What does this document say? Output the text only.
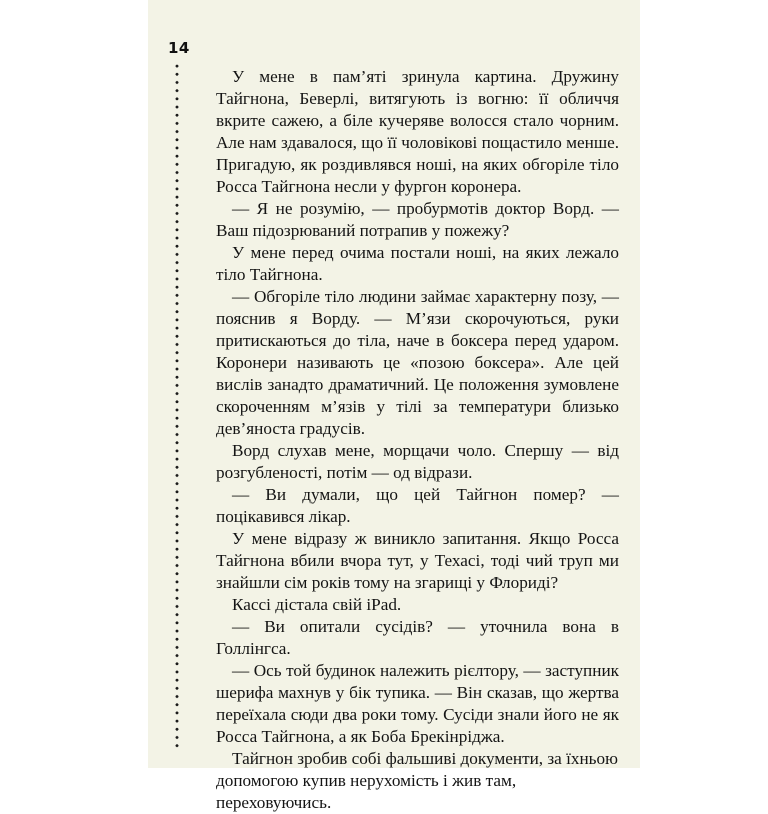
14

У мене в пам’яті зринула картина. Дружину Тайгнона, Беверлі, витягують із вогню: її обличчя вкрите сажею, а біле кучеряве волосся стало чорним. Але нам здавалося, що її чоловікові пощастило менше. Пригадую, як роздивлявся ноші, на яких обгоріле тіло Росса Тайгнона несли у фургон коронера.

— Я не розумію, — пробурмотів доктор Ворд. — Ваш підозрюваний потрапив у пожежу?

У мене перед очима постали ноші, на яких лежало тіло Тайгнона.

— Обгоріле тіло людини займає характерну позу, — пояснив я Ворду. — М’язи скорочуються, руки притискаються до тіла, наче в боксера перед ударом. Коронери називають це «позою боксера». Але цей вислів занадто драматичний. Це положення зумовлене скороченням м’язів у тілі за температури близько дев’яноста градусів.

Ворд слухав мене, морщачи чоло. Спершу — від розгубленості, потім — од відрази.

— Ви думали, що цей Тайгнон помер? — поцікавився лікар.

У мене відразу ж виникло запитання. Якщо Росса Тайгнона вбили вчора тут, у Техасі, тоді чий труп ми знайшли сім років тому на згарищі у Флориді?

Кассі дістала свій iPad.

— Ви опитали сусідів? — уточнила вона в Голлінгса.

— Ось той будинок належить рієлтору, — заступник шерифа махнув у бік тупика. — Він сказав, що жертва переїхала сюди два роки тому. Сусіди знали його не як Росса Тайгнона, а як Боба Брекінріджа.

Тайгнон зробив собі фальшиві документи, за їхньою допомогою купив нерухомість і жив там, переховуючись.
